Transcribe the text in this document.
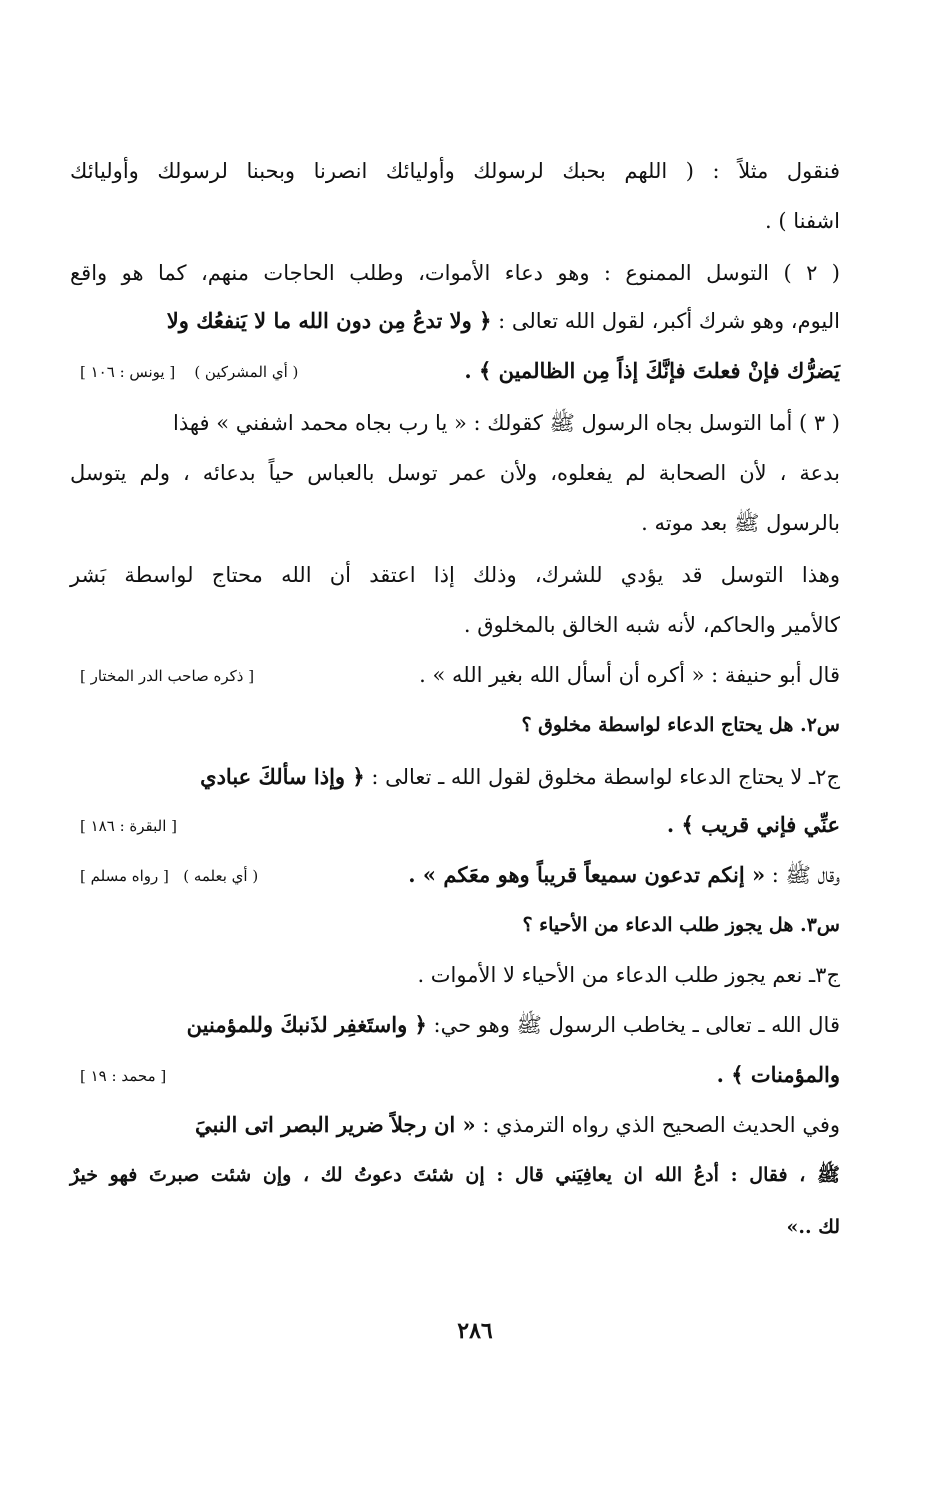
فنقول مثلاً : ( اللهم بحبك لرسولك وأوليائك انصرنا وبحبنا لرسولك وأوليائك
اشفنا ) .
( ٢ ) التوسل الممنوع : وهو دعاء الأموات، وطلب الحاجات منهم، كما هو واقع
اليوم، وهو شرك أكبر، لقول الله تعالى : ﴿ ولا تدعُ مِن دون الله ما لا يَنفعُك ولا
يَضرُّك فإنْ فعلتَ فإنَّكَ إذاً مِن الظالمين ﴾ .
( أي المشركين )    [ يونس : ١٠٦ ]
( ٣ ) أما التوسل بجاه الرسول ﷺ كقولك : « يا رب بجاه محمد اشفني » فهذا
بدعة ، لأن الصحابة لم يفعلوه، ولأن عمر توسل بالعباس حياً بدعائه ، ولم يتوسل
بالرسول ﷺ بعد موته .
وهذا التوسل قد يؤدي للشرك، وذلك إذا اعتقد أن الله محتاج لواسطة بَشر
كالأمير والحاكم، لأنه شبه الخالق بالمخلوق .
قال أبو حنيفة : « أكره أن أسأل الله بغير الله » .
[ ذكره صاحب الدر المختار ]
س٢. هل يحتاج الدعاء لواسطة مخلوق ؟
ج٢ـ لا يحتاج الدعاء لواسطة مخلوق لقول الله ـ تعالى : ﴿ وإذا سألكَ عبادي
عنِّي فإني قريب ﴾ .
[ البقرة : ١٨٦ ]
وقال ﷺ : « إنكم تدعون سميعاً قريباً وهو معَكم » .
( أي بعلمه )   [ رواه مسلم ]
س٣. هل يجوز طلب الدعاء من الأحياء ؟
ج٣ـ نعم يجوز طلب الدعاء من الأحياء لا الأموات .
قال الله ـ تعالى ـ يخاطب الرسول ﷺ وهو حي: ﴿ واستَغفِر لذَنبكَ وللمؤمنين
والمؤمنات ﴾ .
[ محمد : ١٩ ]
وفي الحديث الصحيح الذي رواه الترمذي : « ان رجلاً ضرير البصر اتى النبيَ
ﷺ ، فقال : أدعُ الله ان يعافِيَني قال : إن شئتَ دعوتُ لك ، وإن شئت صبرتَ فهو خيرٌ
لك ..»
٢٨٦
